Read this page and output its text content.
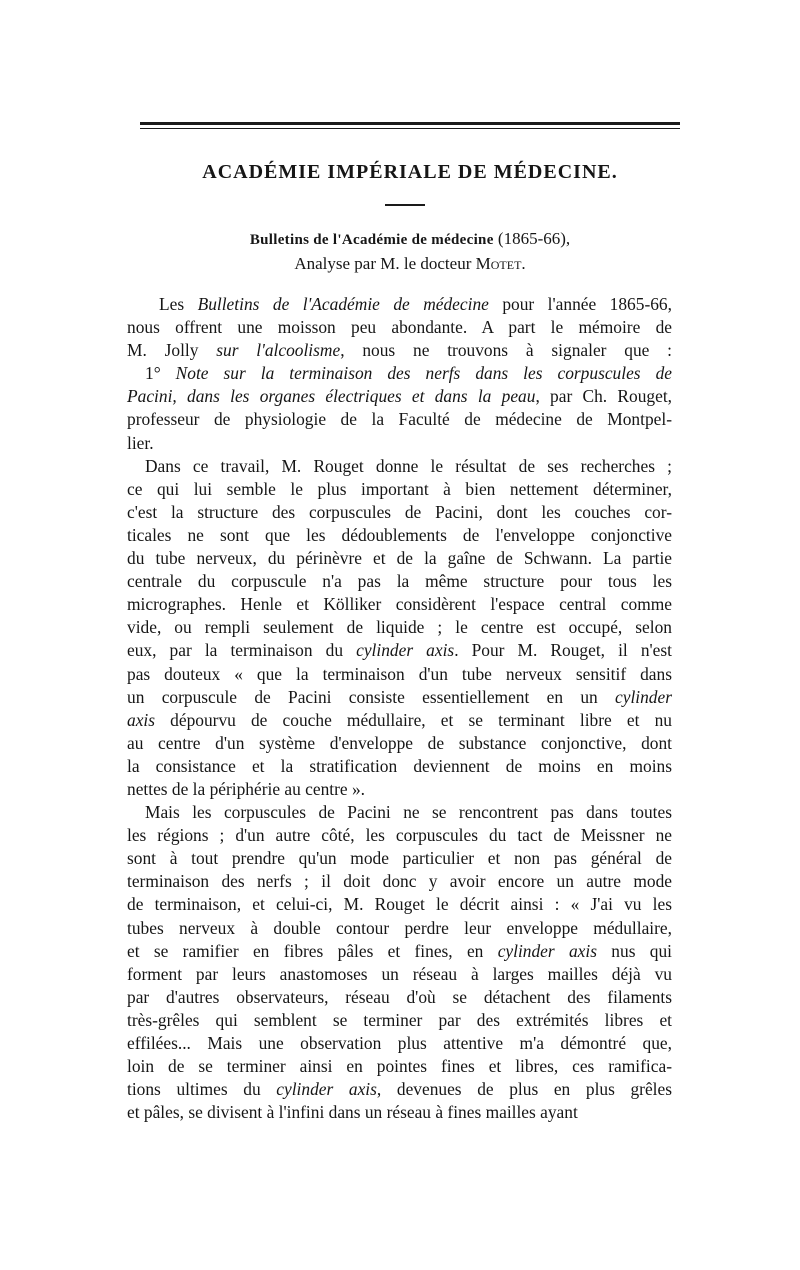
ACADÉMIE IMPÉRIALE DE MÉDECINE.
Bulletins de l'Académie de médecine (1865-66),
Analyse par M. le docteur Motet.

Les Bulletins de l'Académie de médecine pour l'année 1865-66,

nous offrent une moisson peu abondante. A part le mémoire de

M. Jolly sur l'alcoolisme, nous ne trouvons à signaler que :

1° Note sur la terminaison des nerfs dans les corpuscules de

Pacini, dans les organes électriques et dans la peau, par Ch. Rouget,

professeur de physiologie de la Faculté de médecine de Montpel-

lier.

Dans ce travail, M. Rouget donne le résultat de ses recherches ;

ce qui lui semble le plus important à bien nettement déterminer,

c'est la structure des corpuscules de Pacini, dont les couches cor-

ticales ne sont que les dédoublements de l'enveloppe conjonctive

du tube nerveux, du périnèvre et de la gaîne de Schwann. La partie

centrale du corpuscule n'a pas la même structure pour tous les

micrographes. Henle et Kölliker considèrent l'espace central comme

vide, ou rempli seulement de liquide ; le centre est occupé, selon

eux, par la terminaison du cylinder axis. Pour M. Rouget, il n'est

pas douteux « que la terminaison d'un tube nerveux sensitif dans

un corpuscule de Pacini consiste essentiellement en un cylinder

axis dépourvu de couche médullaire, et se terminant libre et nu

au centre d'un système d'enveloppe de substance conjonctive, dont

la consistance et la stratification deviennent de moins en moins

nettes de la périphérie au centre ».

Mais les corpuscules de Pacini ne se rencontrent pas dans toutes

les régions ; d'un autre côté, les corpuscules du tact de Meissner ne

sont à tout prendre qu'un mode particulier et non pas général de

terminaison des nerfs ; il doit donc y avoir encore un autre mode

de terminaison, et celui-ci, M. Rouget le décrit ainsi : « J'ai vu les

tubes nerveux à double contour perdre leur enveloppe médullaire,

et se ramifier en fibres pâles et fines, en cylinder axis nus qui

forment par leurs anastomoses un réseau à larges mailles déjà vu

par d'autres observateurs, réseau d'où se détachent des filaments

très-grêles qui semblent se terminer par des extrémités libres et

effilées... Mais une observation plus attentive m'a démontré que,

loin de se terminer ainsi en pointes fines et libres, ces ramifica-

tions ultimes du cylinder axis, devenues de plus en plus grêles

et pâles, se divisent à l'infini dans un réseau à fines mailles ayant
